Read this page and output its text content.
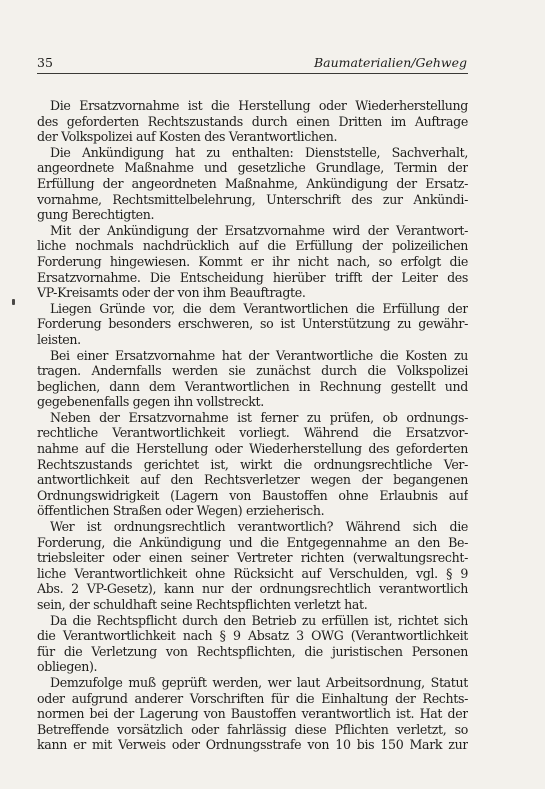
35	Baumaterialien/Gehweg
Die Ersatzvornahme ist die Herstellung oder Wiederherstellung
des geforderten Rechtszustands durch einen Dritten im Auftrage
der Volkspolizei auf Kosten des Verantwortlichen.
Die Ankündigung hat zu enthalten: Dienststelle, Sachverhalt,
angeordnete Maßnahme und gesetzliche Grundlage, Termin der
Erfüllung der angeordneten Maßnahme, Ankündigung der Ersatz-
vornahme, Rechtsmittelbelehrung, Unterschrift des zur Ankündi-
gung Berechtigten.
Mit der Ankündigung der Ersatzvornahme wird der Verantwort-
liche nochmals nachdrücklich auf die Erfüllung der polizeilichen
Forderung hingewiesen. Kommt er ihr nicht nach, so erfolgt die
Ersatzvornahme. Die Entscheidung hierüber trifft der Leiter des
VP-Kreisamts oder der von ihm Beauftragte.
Liegen Gründe vor, die dem Verantwortlichen die Erfüllung der
Forderung besonders erschweren, so ist Unterstützung zu gewähr-
leisten.
Bei einer Ersatzvornahme hat der Verantwortliche die Kosten zu
tragen. Andernfalls werden sie zunächst durch die Volkspolizei
beglichen, dann dem Verantwortlichen in Rechnung gestellt und
gegebenenfalls gegen ihn vollstreckt.
Neben der Ersatzvornahme ist ferner zu prüfen, ob ordnungs-
rechtliche Verantwortlichkeit vorliegt. Während die Ersatzvor-
nahme auf die Herstellung oder Wiederherstellung des geforderten
Rechtszustands gerichtet ist, wirkt die ordnungsrechtliche Ver-
antwortlichkeit auf den Rechtsverletzer wegen der begangenen
Ordnungswidrigkeit (Lagern von Baustoffen ohne Erlaubnis auf
öffentlichen Straßen oder Wegen) erzieherisch.
Wer ist ordnungsrechtlich verantwortlich? Während sich die
Forderung, die Ankündigung und die Entgegennahme an den Be-
triebsleiter oder einen seiner Vertreter richten (verwaltungsrecht-
liche Verantwortlichkeit ohne Rücksicht auf Verschulden, vgl. § 9
Abs. 2 VP-Gesetz), kann nur der ordnungsrechtlich verantwortlich
sein, der schuldhaft seine Rechtspflichten verletzt hat.
Da die Rechtspflicht durch den Betrieb zu erfüllen ist, richtet sich
die Verantwortlichkeit nach § 9 Absatz 3 OWG (Verantwortlichkeit
für die Verletzung von Rechtspflichten, die juristischen Personen
obliegen).
Demzufolge muß geprüft werden, wer laut Arbeitsordnung, Statut
oder aufgrund anderer Vorschriften für die Einhaltung der Rechts-
normen bei der Lagerung von Baustoffen verantwortlich ist. Hat der
Betreffende vorsätzlich oder fahrlässig diese Pflichten verletzt, so
kann er mit Verweis oder Ordnungsstrafe von 10 bis 150 Mark zur
